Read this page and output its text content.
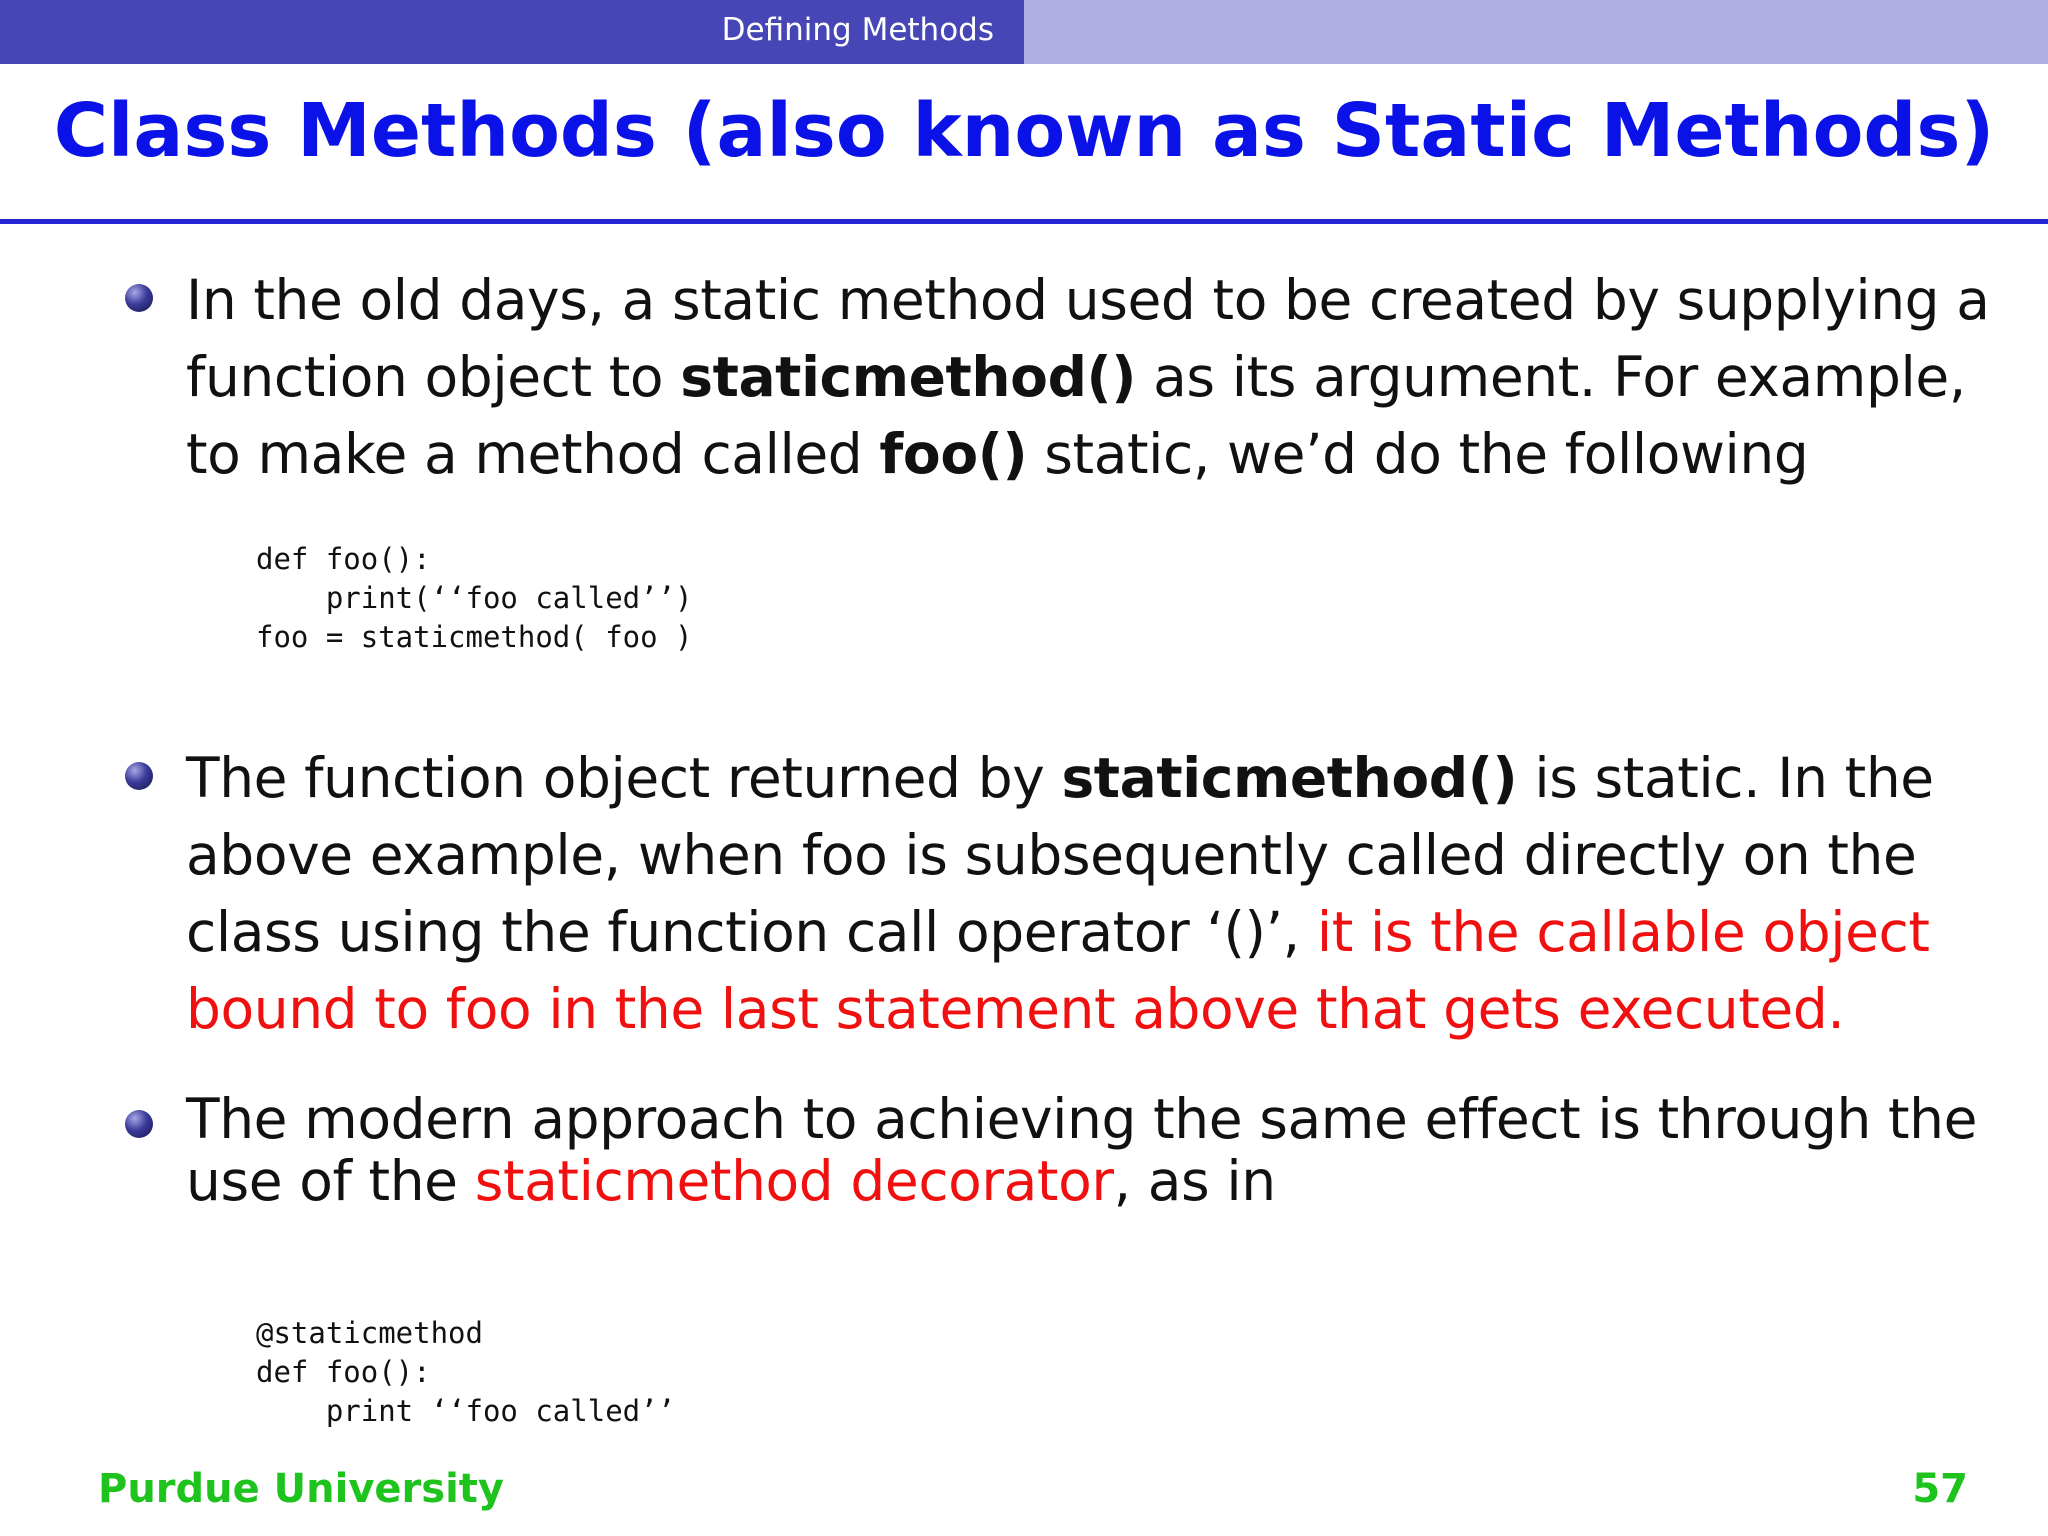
Defining Methods
Class Methods (also known as Static Methods)
In the old days, a static method used to be created by supplying a function object to staticmethod() as its argument. For example, to make a method called foo() static, we’d do the following
def foo():
print(‘‘foo called’’)
foo = staticmethod( foo )
The function object returned by staticmethod() is static. In the above example, when foo is subsequently called directly on the class using the function call operator ‘()’, it is the callable object bound to foo in the last statement above that gets executed.
The modern approach to achieving the same effect is through the use of the staticmethod decorator, as in
@staticmethod
def foo():
print ‘‘foo called’’
Purdue University	57
